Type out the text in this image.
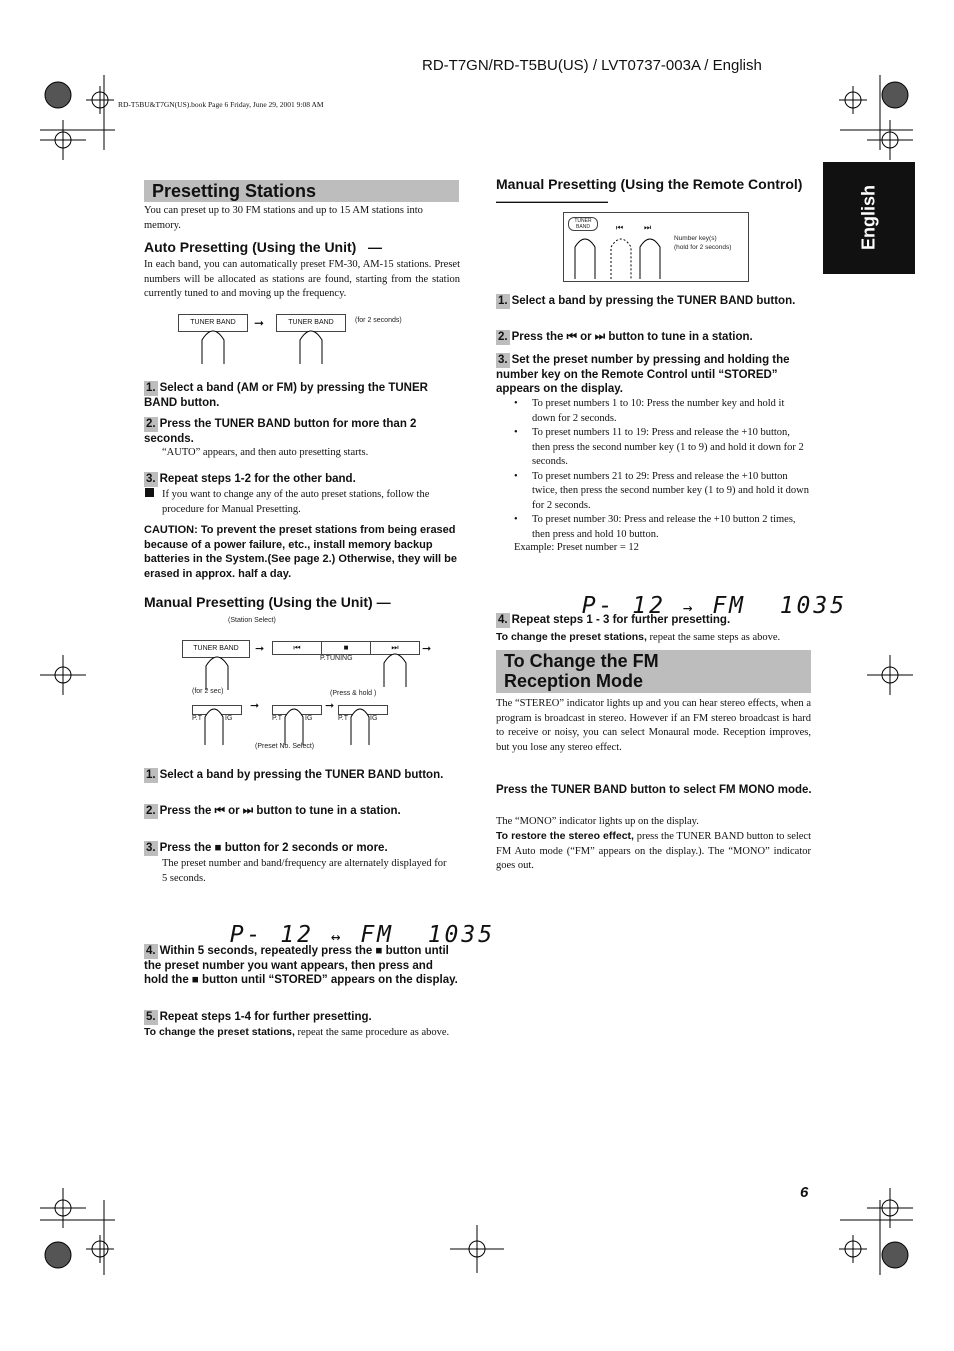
RD-T7GN/RD-T5BU(US) / LVT0737-003A / English
RD-T5BU&T7GN(US).book Page 6 Friday, June 29, 2001 9:08 AM
English
Presetting Stations
You can preset up to 30 FM stations and up to 15 AM stations into memory.
Auto Presetting (Using the Unit)   —
In each band, you can automatically preset FM-30, AM-15 stations. Preset numbers will be allocated as stations are found, starting from the station currently tuned to and moving up the frequency.
TUNER BAND	➞	TUNER BAND	(for 2 seconds)
1. Select a band (AM or FM) by pressing the TUNER BAND button.
2. Press the TUNER BAND button for more than 2 seconds.
“AUTO” appears, and then auto presetting starts.
3. Repeat steps 1-2 for the other band.
If you want to change any of the auto preset stations, follow the procedure for Manual Presetting.
CAUTION: To prevent the preset stations from being erased because of a power failure, etc., install memory backup batteries in the System.(See page 2.) Otherwise, they will be erased in approx. half a day.
Manual Presetting (Using the Unit) —
(Station Select)
TUNER BAND	➞	⏮	■	⏭
P.TUNING
➞
(for 2 sec)	(Press & hold )
P.T	IG
➞
P.T	IG
➞
P.T	IG
(Preset No. Select)
1. Select a band by pressing the TUNER BAND button.
2. Press the ⏮ or ⏭ button to tune in a station.
3. Press the ■ button for 2 seconds or more.
The preset number and band/frequency are alternately displayed for 5 seconds.

P- 12 ↔ FM  1035

4. Within 5 seconds, repeatedly press the ■ button until the preset number you want appears, then press and hold the ■ button until “STORED” appears on the display.
5. Repeat steps 1-4 for further presetting.
To change the preset stations, repeat the same procedure as above.
Manual Presetting (Using the Remote Control) ————————
TUNER BAND	⏮	⏭
Number key(s)
(hold for 2 seconds)
1. Select a band by pressing the TUNER BAND button.
2. Press the ⏮ or ⏭ button to tune in a station.
3. Set the preset number by pressing and holding the number key on the Remote Control until “STORED” appears on the display.
• To preset numbers 1 to 10: Press the number key and hold it down for 2 seconds.
• To preset numbers 11 to 19: Press and release the +10 button, then press the second number key (1 to 9) and hold it down for 2 seconds.
• To preset numbers 21 to 29: Press and release the +10 button twice, then press the second number key (1 to 9) and hold it down for 2 seconds.
• To preset number 30: Press and release the +10 button 2 times, then press and hold 10 button.
Example: Preset number = 12

P- 12 → FM  1035

4. Repeat steps 1 - 3 for further presetting.
To change the preset stations, repeat the same steps as above.
To Change the FM
Reception Mode
The “STEREO” indicator lights up and you can hear stereo effects, when a program is broadcast in stereo. However if an FM stereo broadcast is hard to receive or noisy, you can select Monaural mode. Reception improves, but you lose any stereo effect.
Press the TUNER BAND button to select FM MONO mode.
The “MONO” indicator lights up on the display.
To restore the stereo effect, press the TUNER BAND button to select FM Auto mode (“FM” appears on the display.). The “MONO” indicator goes out.
6
